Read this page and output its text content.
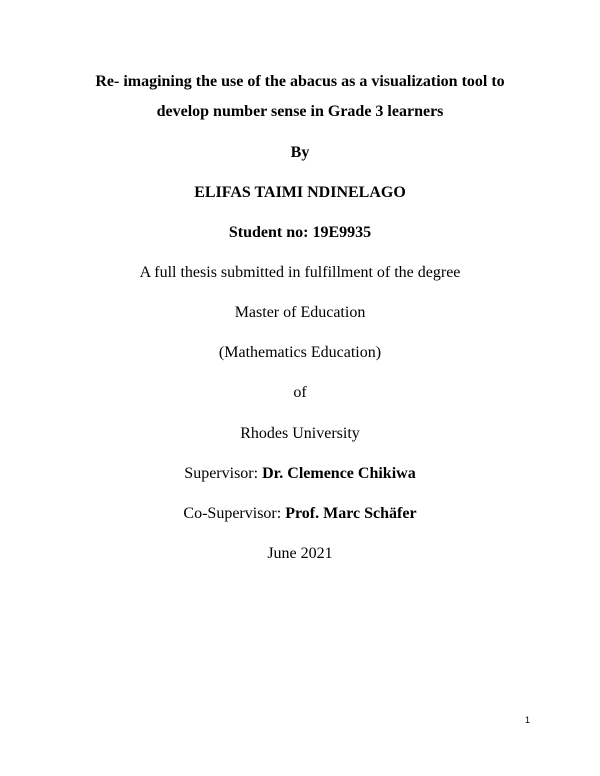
Re- imagining the use of the abacus as a visualization tool to
develop number sense in Grade 3 learners
By
ELIFAS TAIMI NDINELAGO
Student no: 19E9935
A full thesis submitted in fulfillment of the degree
Master of Education
(Mathematics Education)
of
Rhodes University
Supervisor: Dr. Clemence Chikiwa
Co-Supervisor: Prof. Marc Schäfer
June 2021
1
